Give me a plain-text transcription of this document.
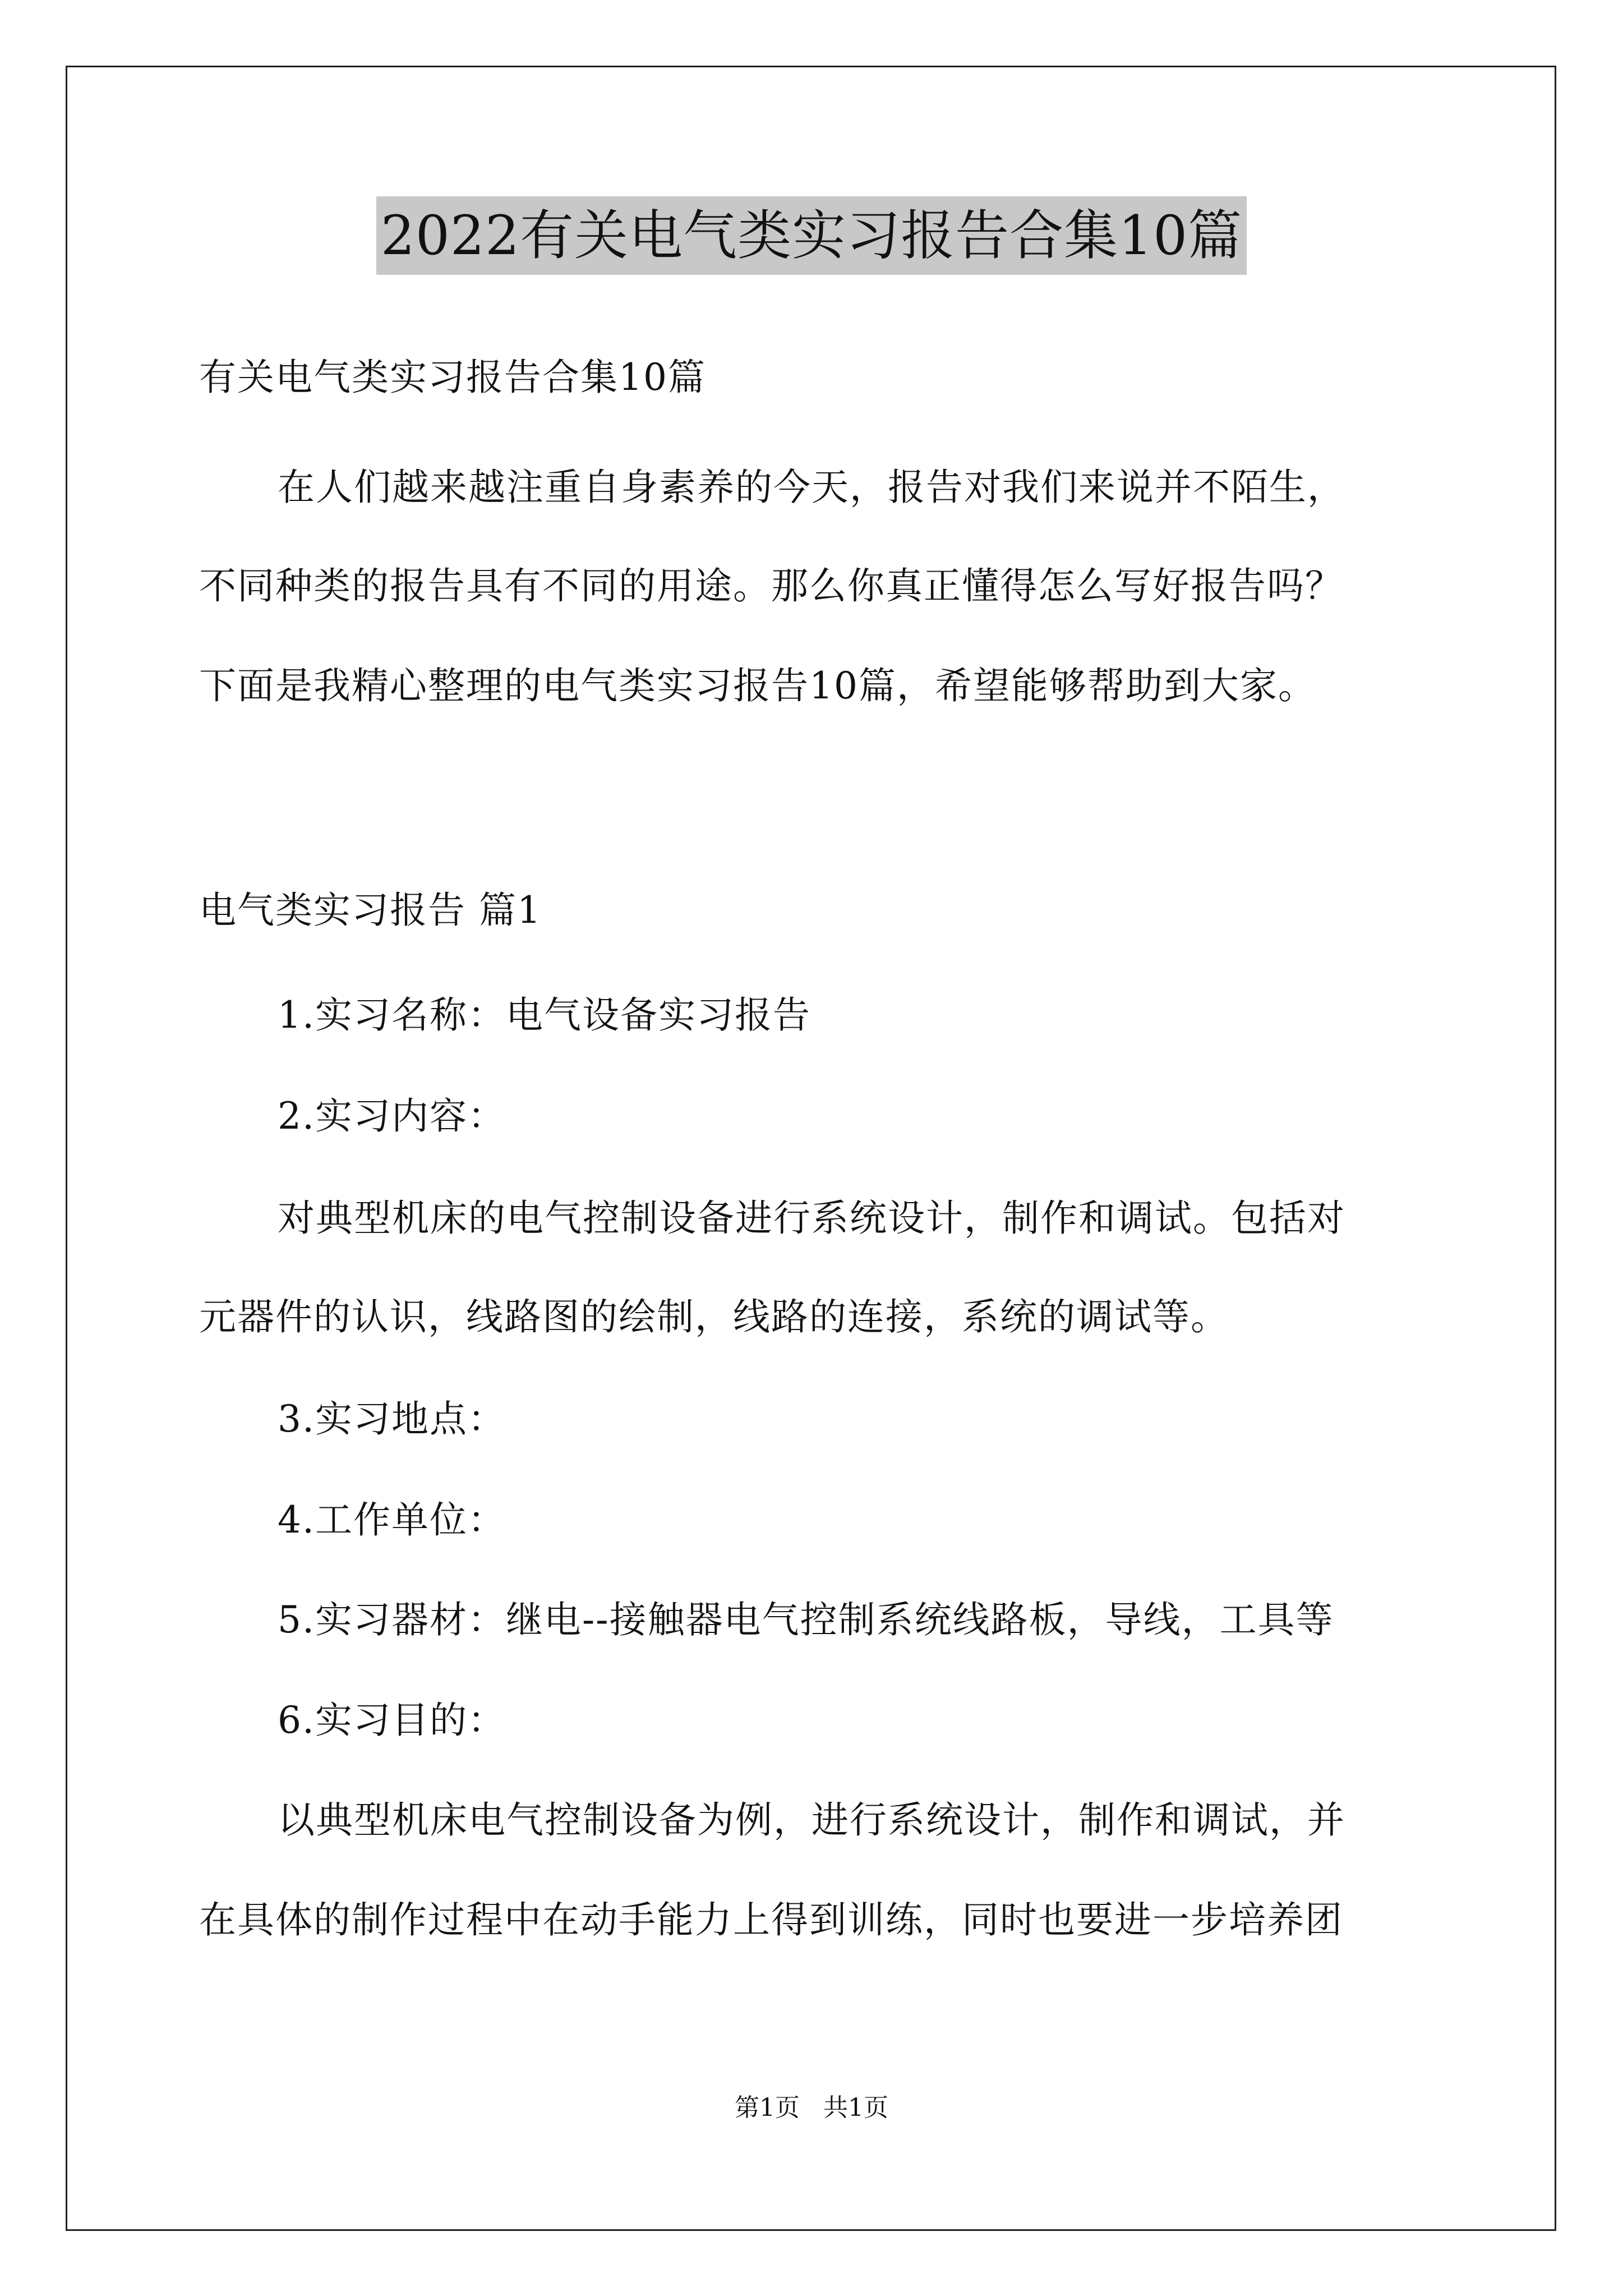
2022有关电气类实习报告合集10篇
有关电气类实习报告合集10篇
在人们越来越注重自身素养的今天，报告对我们来说并不陌生，
不同种类的报告具有不同的用途。那么你真正懂得怎么写好报告吗？
下面是我精心整理的电气类实习报告10篇，希望能够帮助到大家。
电气类实习报告 篇1
1.实习名称：电气设备实习报告
2.实习内容：
对典型机床的电气控制设备进行系统设计，制作和调试。包括对
元器件的认识，线路图的绘制，线路的连接，系统的调试等。
3.实习地点：
4.工作单位：
5.实习器材：继电--接触器电气控制系统线路板，导线，工具等
6.实习目的：
以典型机床电气控制设备为例，进行系统设计，制作和调试，并
在具体的制作过程中在动手能力上得到训练，同时也要进一步培养团
第1页   共1页
